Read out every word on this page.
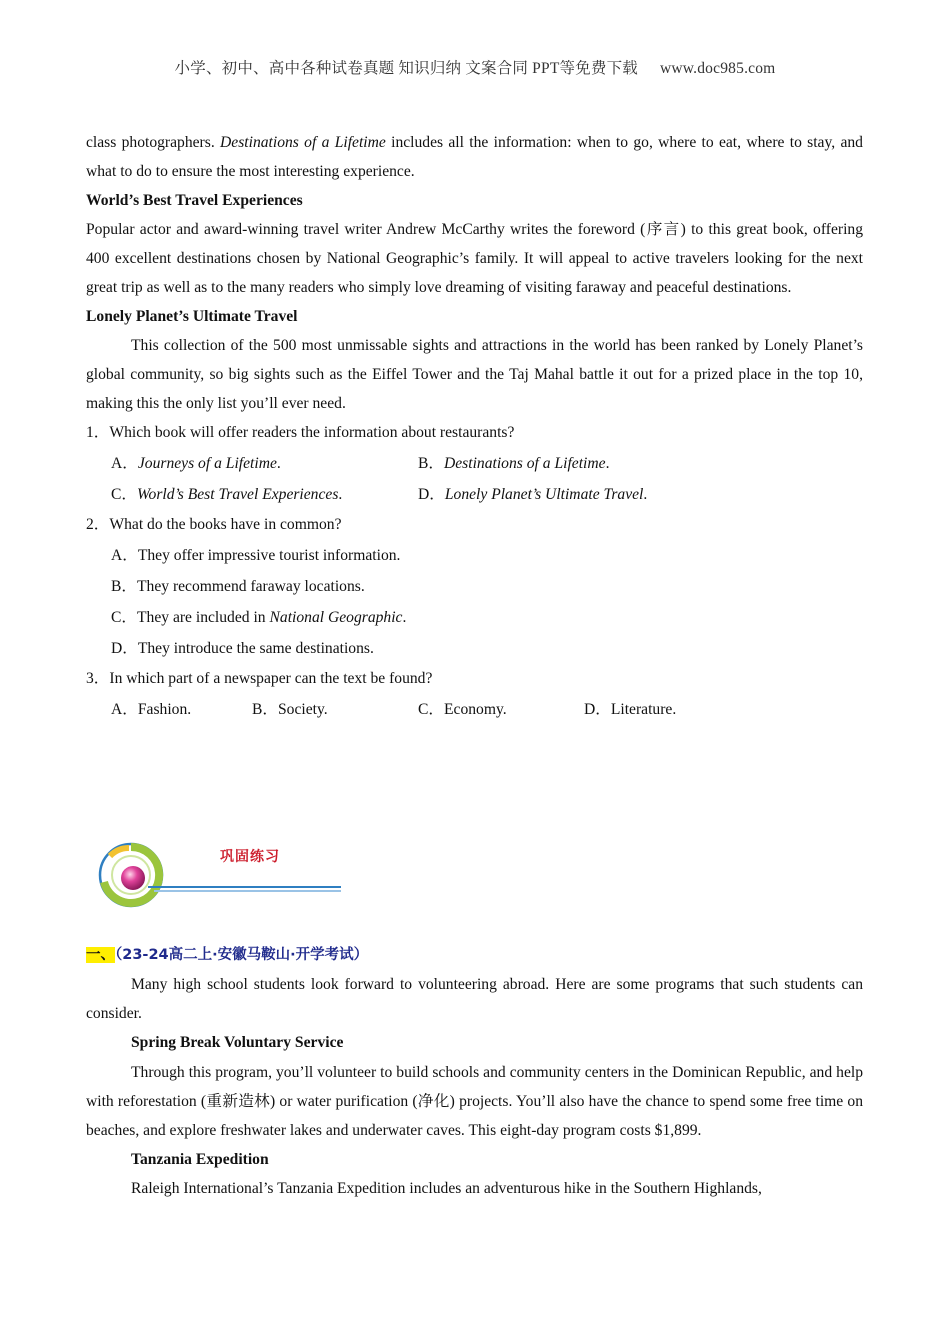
小学、初中、高中各种试卷真题 知识归纳 文案合同 PPT等免费下载 www.doc985.com

class photographers. Destinations of a Lifetime includes all the information: when to go, where to eat, where to stay, and what to do to ensure the most interesting experience.

World’s Best Travel Experiences

Popular actor and award-winning travel writer Andrew McCarthy writes the foreword (序言) to this great book, offering 400 excellent destinations chosen by National Geographic’s family. It will appeal to active travelers looking for the next great trip as well as to the many readers who simply love dreaming of visiting faraway and peaceful destinations.

Lonely Planet’s Ultimate Travel

This collection of the 500 most unmissable sights and attractions in the world has been ranked by Lonely Planet’s global community, so big sights such as the Eiffel Tower and the Taj Mahal battle it out for a prized place in the top 10, making this the only list you’ll ever need.

1．Which book will offer readers the information about restaurants?

A．Journeys of a Lifetime.	B．Destinations of a Lifetime.
C．World’s Best Travel Experiences.	D．Lonely Planet’s Ultimate Travel.

2．What do the books have in common?

A．They offer impressive tourist information.

B．They recommend faraway locations.

C．They are included in National Geographic.

D．They introduce the same destinations.

3．In which part of a newspaper can the text be found?

A．Fashion.	B．Society.	C．Economy.	D．Literature.
巩固练习

一、（23-24高二上·安徽马鞍山·开学考试）

Many high school students look forward to volunteering abroad. Here are some programs that such students can consider.

Spring Break Voluntary Service

Through this program, you’ll volunteer to build schools and community centers in the Dominican Republic, and help with reforestation (重新造林) or water purification (净化) projects. You’ll also have the chance to spend some free time on beaches, and explore freshwater lakes and underwater caves. This eight-day program costs $1,899.

Tanzania Expedition

Raleigh International’s Tanzania Expedition includes an adventurous hike in the Southern Highlands,
